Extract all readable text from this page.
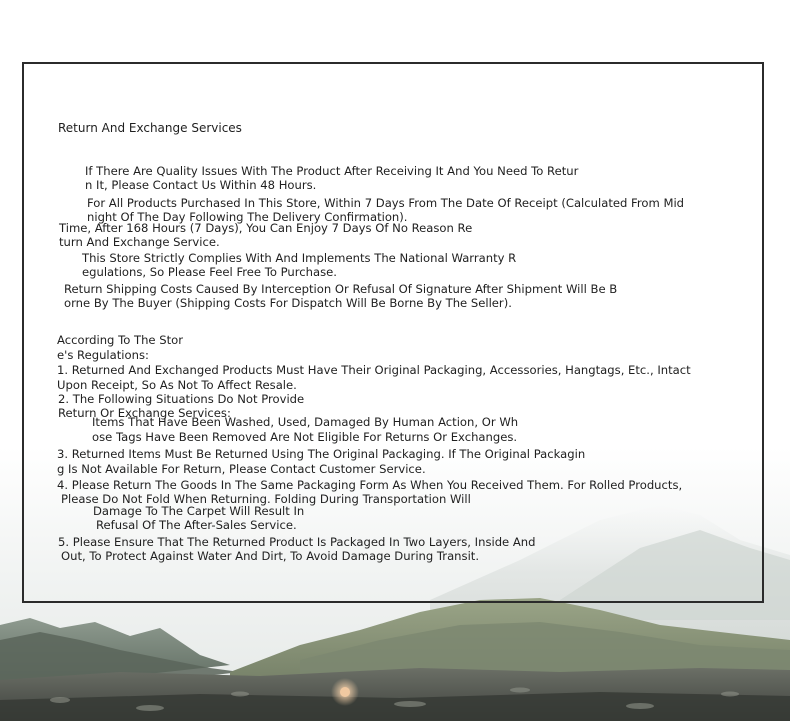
Return And Exchange Services
If There Are Quality Issues With The Product After Receiving It And You Need To Retur
n It, Please Contact Us Within 48 Hours.
For All Products Purchased In This Store, Within 7 Days From The Date Of Receipt (Calculated From Mid
night Of The Day Following The Delivery Confirmation).
Time, After 168 Hours (7 Days), You Can Enjoy 7 Days Of No Reason Re
turn And Exchange Service.
This Store Strictly Complies With And Implements The National Warranty R
egulations, So Please Feel Free To Purchase.
Return Shipping Costs Caused By Interception Or Refusal Of Signature After Shipment Will Be B
orne By The Buyer (Shipping Costs For Dispatch Will Be Borne By The Seller).
According To The Stor
e's Regulations:
1. Returned And Exchanged Products Must Have Their Original Packaging, Accessories, Hangtags, Etc., Intact
Upon Receipt, So As Not To Affect Resale.
2. The Following Situations Do Not Provide
Return Or Exchange Services:
Items That Have Been Washed, Used, Damaged By Human Action, Or Wh
ose Tags Have Been Removed Are Not Eligible For Returns Or Exchanges.
3. Returned Items Must Be Returned Using The Original Packaging. If The Original Packagin
g Is Not Available For Return, Please Contact Customer Service.
4. Please Return The Goods In The Same Packaging Form As When You Received Them. For Rolled Products,
Please Do Not Fold When Returning. Folding During Transportation Will
Damage To The Carpet Will Result In
Refusal Of The After-Sales Service.
5. Please Ensure That The Returned Product Is Packaged In Two Layers, Inside And
Out, To Protect Against Water And Dirt, To Avoid Damage During Transit.
